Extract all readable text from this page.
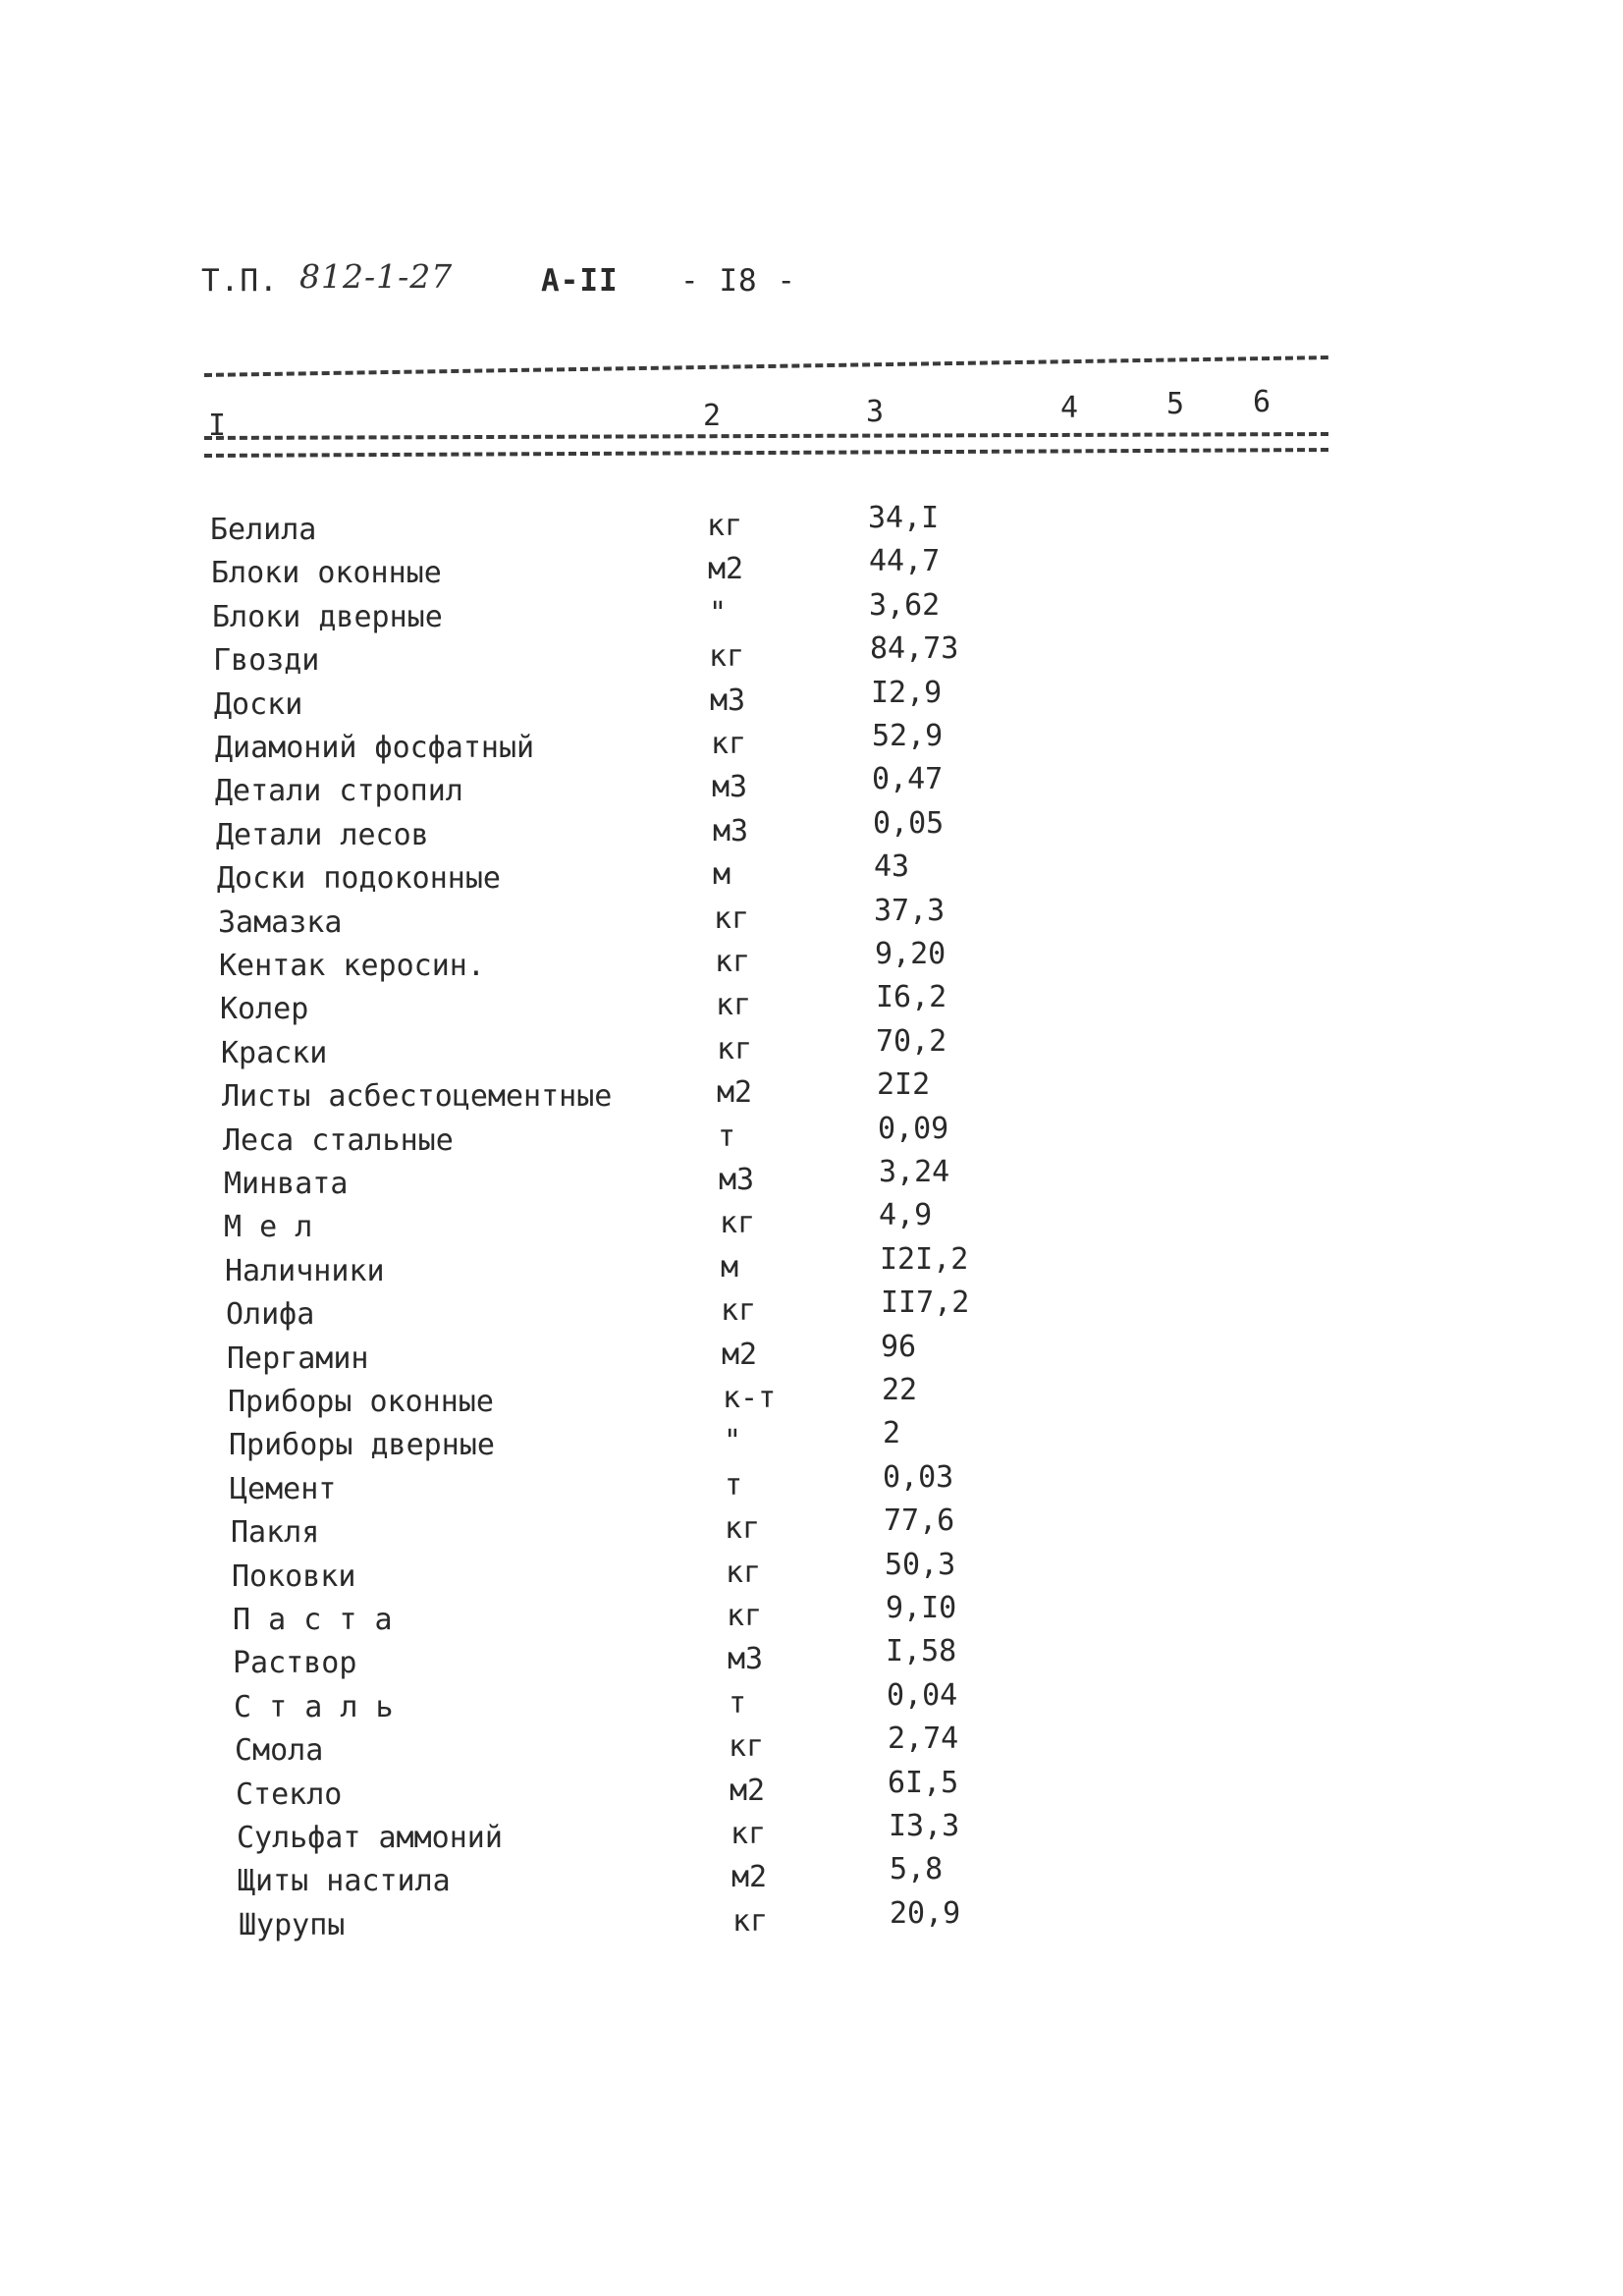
Т.П. 812-1-27	А-II - I8 -
I	2	3	4	5 6
Белила	кг	34,I
Блоки оконные	м2	44,7
Блоки дверные	"	3,62
Гвозди	кг	84,73
Доски	м3	I2,9
Диамоний фосфатный	кг	52,9
Детали стропил	м3	0,47
Детали лесов	м3	0,05
Доски подоконные	м	43
Замазка	кг	37,3
Кентак керосин.	кг	9,20
Колер	кг	I6,2
Краски	кг	70,2
Листы асбестоцементные	м2	2I2
Леса стальные	т	0,09
Минвата	м3	3,24
М е л	кг	4,9
Наличники	м	I2I,2
Олифа	кг	II7,2
Пергамин	м2	96
Приборы оконные	к-т	22
Приборы дверные	"	2
Цемент	т	0,03
Пакля	кг	77,6
Поковки	кг	50,3
П а с т а	кг	9,I0
Раствор	м3	I,58
С т а л ь	т	0,04
Смола	кг	2,74
Стекло	м2	6I,5
Сульфат аммоний	кг	I3,3
Щиты настила	м2	5,8
Шурупы	кг	20,9
